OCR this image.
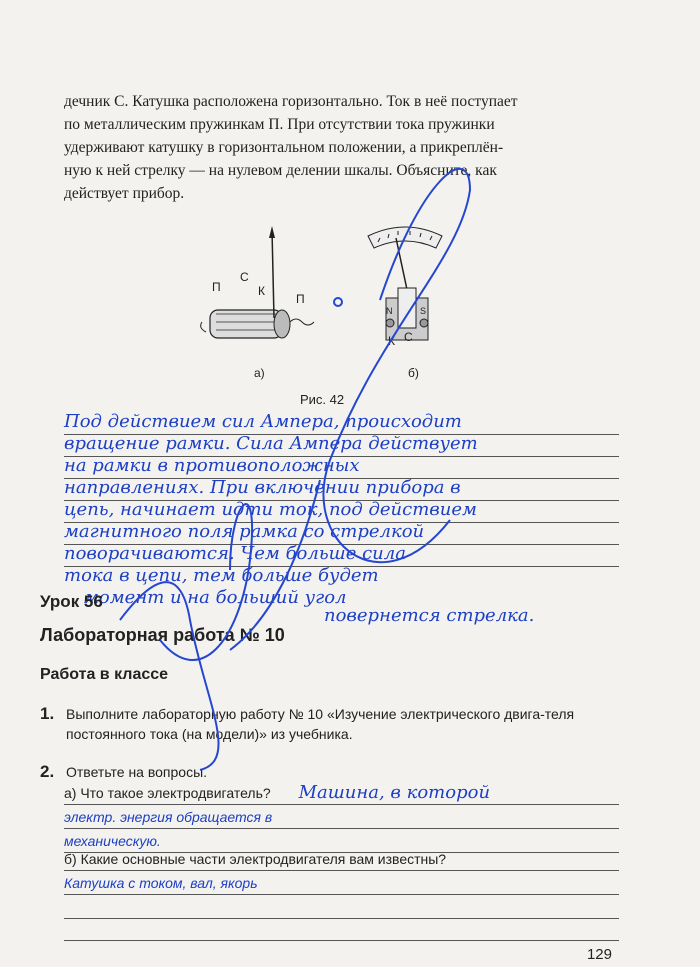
дечник С. Катушка расположена горизонтально. Ток в неё поступает
по металлическим пружинкам П. При отсутствии тока пружинки
удерживают катушку в горизонтальном положении, а прикреплён-
ную к ней стрелку — на нулевом делении шкалы. Объясните, как
действует прибор.
П
С
К
П
а)
N	S
К С
б)
Рис. 42
Под действием сил Ампера, происходит
вращение рамки. Сила Ампера действует
на рамки в противоположных
направлениях. При включении прибора в
цепь, начинает идти ток, под действием
магнитного поля рамка со стрелкой
поворачиваются. Чем больше сила
тока в цепи, тем больше будет
момент и на больший угол
повернется стрелка.
Урок 56
Лабораторная работа № 10
Работа в классе
1. Выполните лабораторную работу № 10 «Изучение электрического двига-теля постоянного тока (на модели)» из учебника.
2. Ответьте на вопросы.
а) Что такое электродвигатель? Машина, в которой
электр. энергия обращается в
механическую.
б) Какие основные части электродвигателя вам известны?
Катушка с током, вал, якорь
129
